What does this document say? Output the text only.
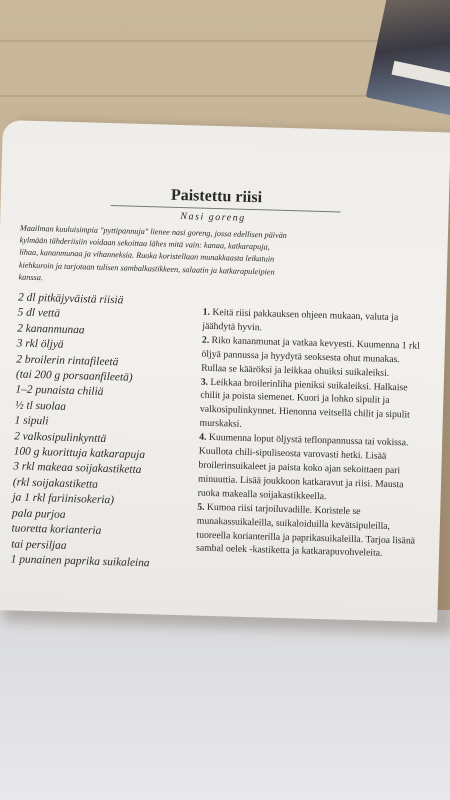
Paistettu riisi
Nasi goreng
Maailman kuuluisimpia "pyttipannuja" lienee nasi goreng, jossa edellisen päivän kylmään tähderiisiin voidaan sekoittaa lähes mitä vain: kanaa, katkarapuja, lihaa, kananmunaa ja vihanneksia. Ruoka koristellaan munakkaasta leikatuin kiehkuroin ja tarjotaan tulisen sambalkastikkeen, salaatin ja katkarapuleipien kanssa.
2 dl pitkäjyväistä riisiä
5 dl vettä
2 kananmunaa
3 rkl öljyä
2 broilerin rintafileetä
(tai 200 g porsaanfileetä)
1–2 punaista chiliä
½ tl suolaa
1 sipuli
2 valkosipulinkynttä
100 g kuorittuja katkarapuja
3 rkl makeaa soijakastiketta
(rkl soijakastiketta
ja 1 rkl fariinisokeria)
pala purjoa
tuoretta korianteria
tai persiljaa
1 punainen paprika suikaleina

1. Keitä riisi pakkauksen ohjeen mukaan, valuta ja jäähdytä hyvin.

2. Riko kananmunat ja vatkaa kevyesti. Kuumenna 1 rkl öljyä pannussa ja hyydytä seoksesta ohut munakas. Rullaa se kääröksi ja leikkaa ohuiksi suikaleiksi.

3. Leikkaa broilerinliha pieniksi suikaleiksi. Halkaise chilit ja poista siemenet. Kuori ja lohko sipulit ja valkosipulinkynnet. Hienonna veitsellä chilit ja sipulit murskaksi.

4. Kuumenna loput öljystä teflonpannussa tai vokissa. Kuullota chili-sipuliseosta varovasti hetki. Lisää broilerinsuikaleet ja paista koko ajan sekoittaen pari minuuttia. Lisää joukkoon katkaravut ja riisi. Mausta ruoka makealla soijakastikkeella.

5. Kumoa riisi tarjoiluvadille. Koristele se munakassuikaleilla, suikaloiduilla kevätsipuleilla, tuoreella korianterilla ja paprikasuikaleilla. Tarjoa lisänä sambal oelek -kastiketta ja katkarapuvohveleita.
